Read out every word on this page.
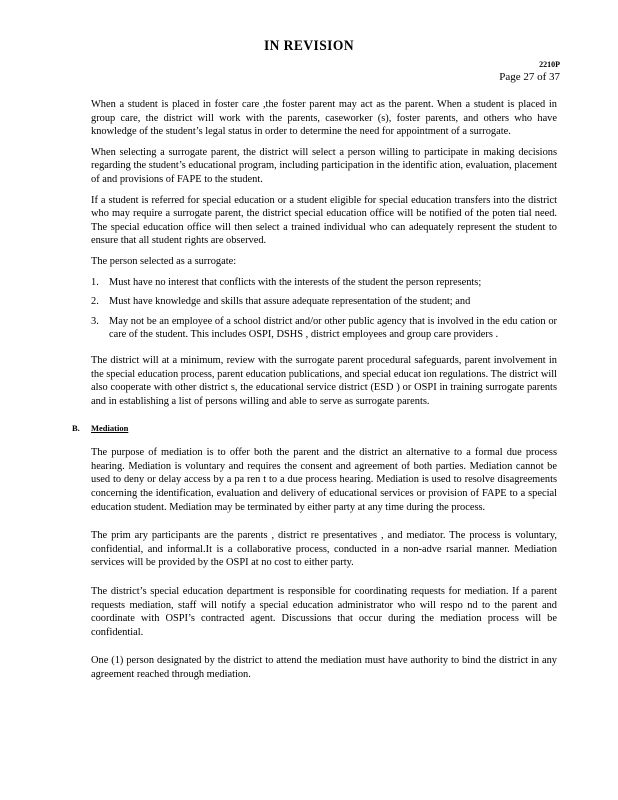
IN REVISION
2210P
Page 27 of 37

When a student is placed in foster care ,the foster parent may act as the parent. When a student is placed in group care, the district will work with the parents, caseworker (s), foster parents, and others who have knowledge of the student’s legal status in order to determine the need for appointment of a surrogate.

When selecting a surrogate parent, the district will select a person willing to participate in making decisions regarding the student’s educational program, including participation in the identific ation, evaluation, placement of and provisions of FAPE to the student.

If a student is referred for special education or a student eligible for special education transfers into the district who may require a surrogate parent, the district special education office will be notified of the poten tial need. The special education office will then select a trained individual who can adequately represent the student to ensure that all student rights are observed.

The person selected as a surrogate:

1. Must have no interest that conflicts with the interests of the student the person represents;
2. Must have knowledge and skills that assure adequate representation of the student; and
3. May not be an employee of a school district and/or other public agency that is involved in the edu cation or care of the student. This includes OSPI, DSHS , district employees and group care providers .

The district will at a minimum, review with the surrogate parent procedural safeguards, parent involvement in the special education process, parent education publications, and special educat ion regulations. The district will also cooperate with other district s, the educational service district (ESD ) or OSPI in training surrogate parents and in establishing a list of persons willing and able to serve as surrogate parents.

B. Mediation

The purpose of mediation is to offer both the parent and the district an alternative to a formal due process hearing. Mediation is voluntary and requires the consent and agreement of both parties. Mediation cannot be used to deny or delay access by a pa ren t to a due process hearing. Mediation is used to resolve disagreements concerning the identification, evaluation and delivery of educational services or provision of FAPE to a special education student. Mediation may be terminated by either party at any time during the process.

The prim ary participants are the parents , district re presentatives , and mediator. The process is voluntary, confidential, and informal.It is a collaborative process, conducted in a non-adve rsarial manner. Mediation services will be provided by the OSPI at no cost to either party.

The district’s special education department is responsible for coordinating requests for mediation. If a parent requests mediation, staff will notify a special education administrator who will respo nd to the parent and coordinate with OSPI’s contracted agent. Discussions that occur during the mediation process will be confidential.

One (1) person designated by the district to attend the mediation must have authority to bind the district in any agreement reached through mediation.
